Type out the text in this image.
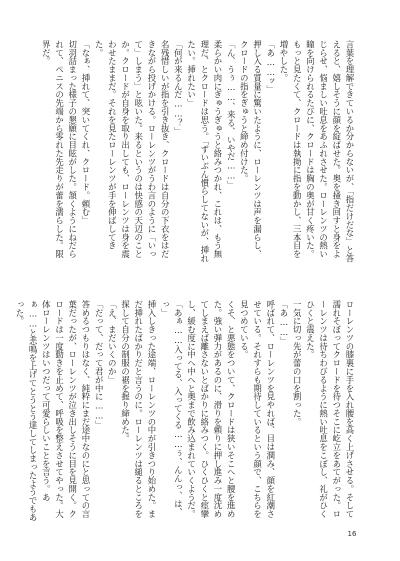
言葉を理解できているか分からないが、「指だけだな」と答えると、嬉しそうに顔を綻ばせた。奥を掻き回すと身をよじらせ、悩ましい吐息をあふれさせた。ローレンツの熱い瞳を向けられるたびに、クロードは胸の奥が甘く疼いた。もっと見たくて、クロードは執拗に指を動かし、三本目を増やした。
「あ……ッ」
押し入る質量に驚いたように、ローレンツは声を漏らし、クロードの指をぎゅうと締め付けた。
「ん、うぅ……、来る、いやだ……」
柔らかい肉にぎゅうぎゅうと絡みつかれ、これは、もう無理だ、とクロードは思う。「ずいぶん慣らしてないが、挿れたい。挿れたい」
「何が来るんだ……？」
名残惜しいが指を引き抜き、クロードは自分の下衣をはだきながら投げかける。ローレンツがうわ言のように「いって」しまう」と呟いた。来るというのは快感の天辺のことか。クロードが自身を取り出しても、ローレンツは身を震わせたままだ。それを見たローレンツが手を伸ばしてきた。
「なぁ、挿れて、突いてくれ、クロード。頼む」
切羽詰まった様子の懇願に目眩がした。頷くようにねだられて、ペニスの先端から零れた先走りが蕾を濡らした。限界だ。
ローレンツの膝裏に手を入れ腰を高く上げさせる。そして濡れそぼってクロードを待つそこに屹立をあてがった。ローレンツは待ちわびるように熱い吐息をこぼし、礼がひくひくと震えた。
一気に切っ先が蕾の口を割った。
「あ……」
呼ばれて、ローレンツを見やれば、目は潤み、顔を紅潮させている。それすらも期待しているという顔で、こちらを見つめている。
くそ、と悪態をついて、クロードは狭いそこへと腰を進めた。強い弾力があるのに、滑りを頼りに押し進み一度沈めてしまえば離さないとばかりに絡みつく。ひくひくと痙攣し、緩む度に中へ中へと奥まで飲み込まれていくようだ。
「あぁ……入ってる、入ってくる……ぅ、んんっ、は、っ」
挿入しきった途端、ローレンツの中が引きつり始めた。まだ挿れたばかりだと言うのに。ローレンツは縋るところを探して自分の制服の裾を握り締めた。
「え、まだいくのか」
「だって、だって君が中に……」
答めるつもりはなく、純粋にまだ途中なのにと思っての言葉だったが、ローレンツが泣き出しそうに目を見開く。クロードは一度動きを止めて、呼吸を整えさせてやった。大体ローレンツはいつだって可愛らしいことを言う。あぁ……と悲鳴を上げてとうとう達してしまったようでもあった。
16
